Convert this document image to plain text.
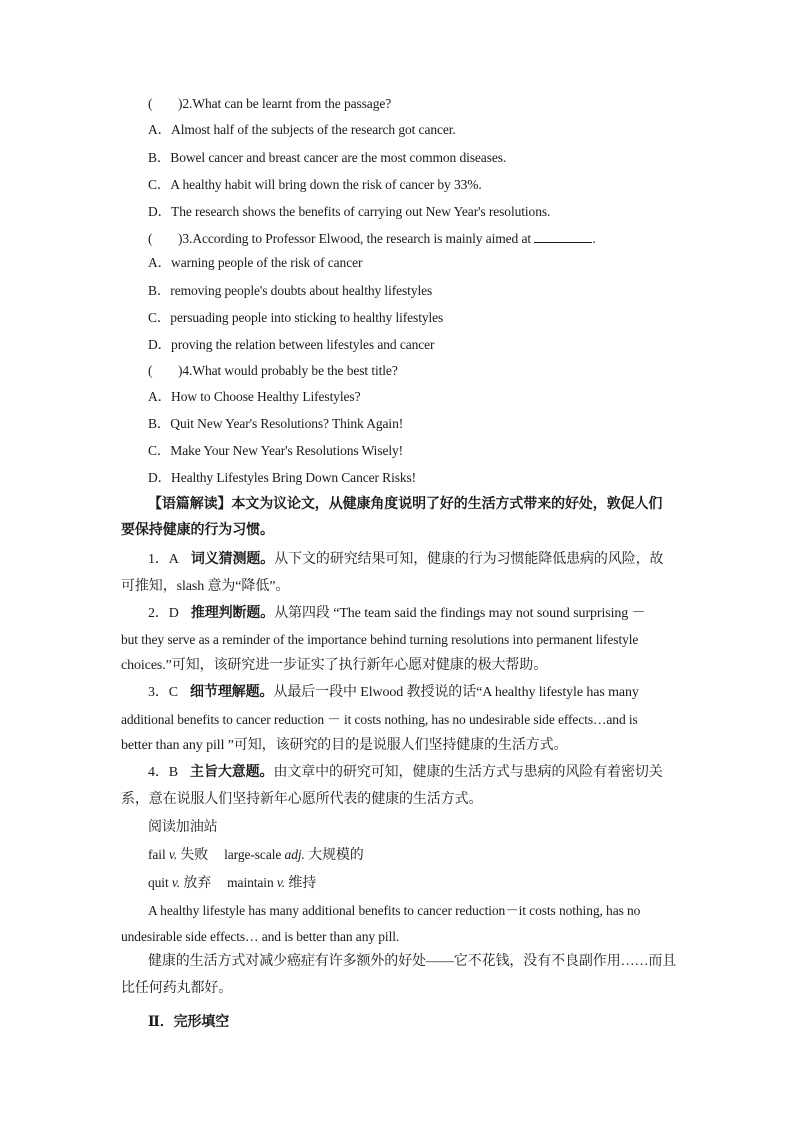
( )2.What can be learnt from the passage?
A．Almost half of the subjects of the research got cancer.
B．Bowel cancer and breast cancer are the most common diseases.
C．A healthy habit will bring down the risk of cancer by 33%.
D．The research shows the benefits of carrying out New Year's resolutions.
( )3.According to Professor Elwood, the research is mainly aimed at	.
A．warning people of the risk of cancer
B．removing people's doubts about healthy lifestyles
C．persuading people into sticking to healthy lifestyles
D．proving the relation between lifestyles and cancer
( )4.What would probably be the best title?
A．How to Choose Healthy Lifestyles?
B．Quit New Year's Resolutions? Think Again!
C．Make Your New Year's Resolutions Wisely!
D．Healthy Lifestyles Bring Down Cancer Risks!
【语篇解读】本文为议论文，从健康角度说明了好的生活方式带来的好处，敦促人们
要保持健康的行为习惯。
1．A 词义猜测题。从下文的研究结果可知，健康的行为习惯能降低患病的风险，故
可推知，slash 意为“降低”。
2．D 推理判断题。从第四段 “The team said the findings may not sound surprising －
but they serve as a reminder of the importance behind turning resolutions into permanent lifestyle
choices.”可知，该研究进一步证实了执行新年心愿对健康的极大帮助。
3．C 细节理解题。从最后一段中 Elwood 教授说的话“A healthy lifestyle has many
additional benefits to cancer reduction － it costs nothing, has no undesirable side effects…and is
better than any pill ”可知，该研究的目的是说服人们坚持健康的生活方式。
4．B 主旨大意题。由文章中的研究可知，健康的生活方式与患病的风险有着密切关
系，意在说服人们坚持新年心愿所代表的健康的生活方式。
阅读加油站
fail v. 失败 large-scale adj. 大规模的
quit v. 放弃 maintain v. 维持
A healthy lifestyle has many additional benefits to cancer reduction－it costs nothing, has no
undesirable side effects… and is better than any pill.
健康的生活方式对减少癌症有许多额外的好处——它不花钱，没有不良副作用……而且
比任何药丸都好。
Ⅱ．完形填空
